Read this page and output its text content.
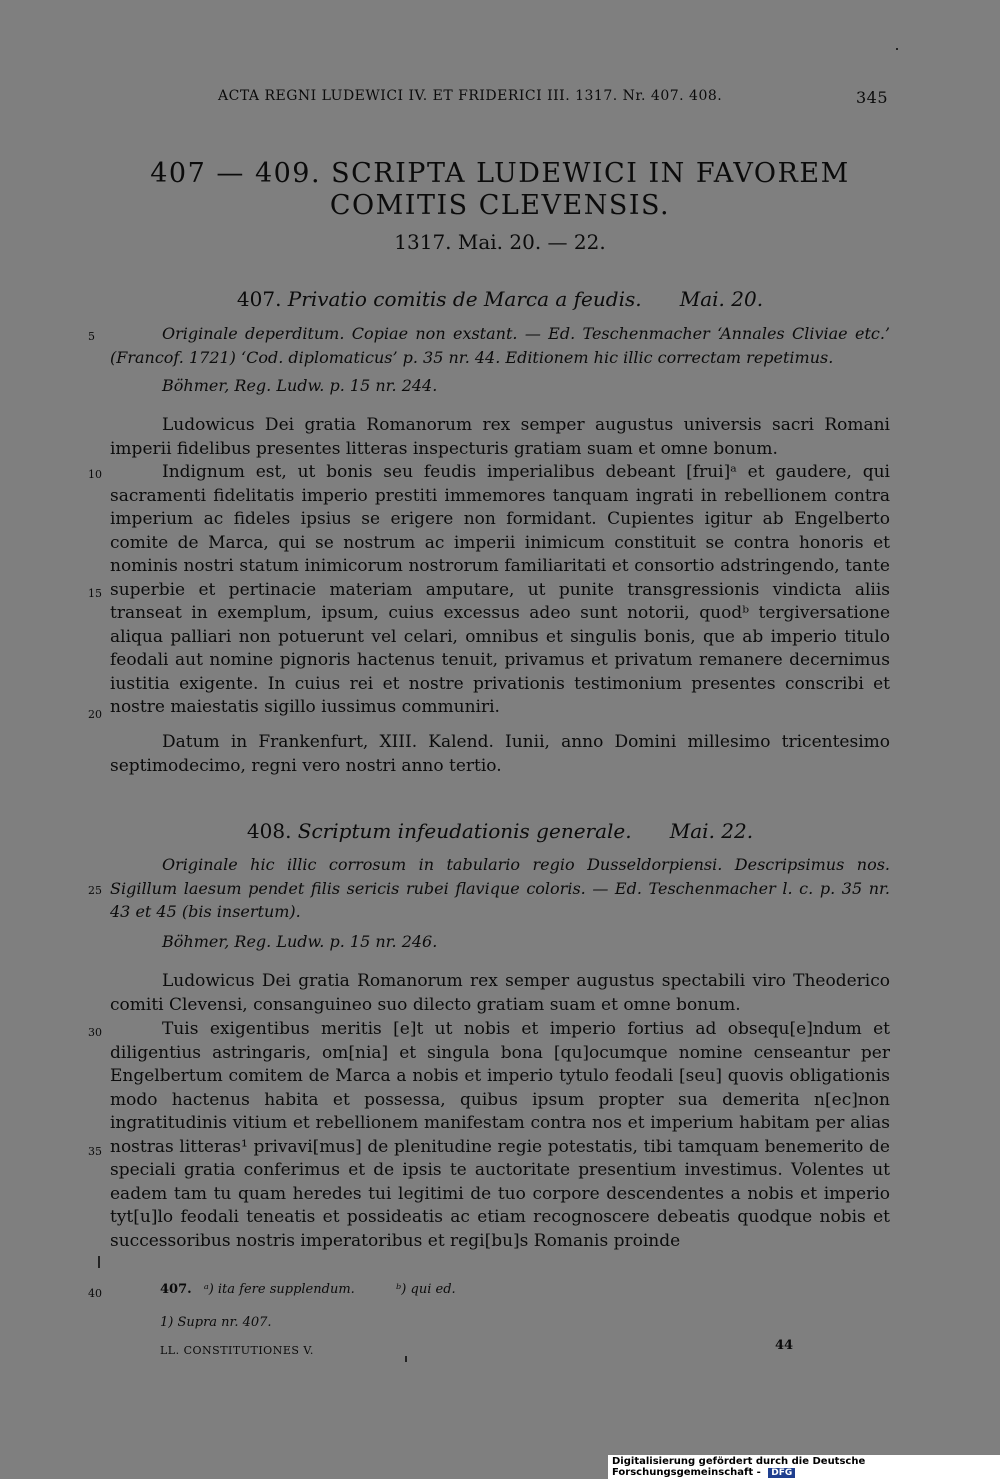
ACTA REGNI LUDEWICI IV. ET FRIDERICI III. 1317. Nr. 407. 408.	345
407 — 409. SCRIPTA LUDEWICI IN FAVOREM
COMITIS CLEVENSIS.
1317. Mai. 20. — 22.
407. Privatio comitis de Marca a feudis. Mai. 20.
Originale deperditum. Copiae non exstant. — Ed. Teschenmacher ‘Annales Cliviae etc.’ (Francof. 1721) ‘Cod. diplomaticus’ p. 35 nr. 44. Editionem hic illic correctam repetimus.
Böhmer, Reg. Ludw. p. 15 nr. 244.
Ludowicus Dei gratia Romanorum rex semper augustus universis sacri Romani imperii fidelibus presentes litteras inspecturis gratiam suam et omne bonum.
Indignum est, ut bonis seu feudis imperialibus debeant [frui]ᵃ et gaudere, qui sacramenti fidelitatis imperio prestiti immemores tanquam ingrati in rebellionem contra imperium ac fideles ipsius se erigere non formidant. Cupientes igitur ab Engelberto comite de Marca, qui se nostrum ac imperii inimicum constituit se contra honoris et nominis nostri statum inimicorum nostrorum familiaritati et consortio adstringendo, tante superbie et pertinacie materiam amputare, ut punite transgressionis vindicta aliis transeat in exemplum, ipsum, cuius excessus adeo sunt notorii, quodᵇ tergiversatione aliqua palliari non potuerunt vel celari, omnibus et singulis bonis, que ab imperio titulo feodali aut nomine pignoris hactenus tenuit, privamus et privatum remanere decernimus iustitia exigente. In cuius rei et nostre privationis testimonium presentes conscribi et nostre maiestatis sigillo iussimus communiri.
Datum in Frankenfurt, XIII. Kalend. Iunii, anno Domini millesimo tricentesimo septimodecimo, regni vero nostri anno tertio.
408. Scriptum infeudationis generale. Mai. 22.
Originale hic illic corrosum in tabulario regio Dusseldorpiensi. Descripsimus nos. Sigillum laesum pendet filis sericis rubei flavique coloris. — Ed. Teschenmacher l. c. p. 35 nr. 43 et 45 (bis insertum).
Böhmer, Reg. Ludw. p. 15 nr. 246.
Ludowicus Dei gratia Romanorum rex semper augustus spectabili viro Theoderico comiti Clevensi, consanguineo suo dilecto gratiam suam et omne bonum.
Tuis exigentibus meritis [e]t ut nobis et imperio fortius ad obsequ[e]ndum et diligentius astringaris, om[nia] et singula bona [qu]ocumque nomine censeantur per Engelbertum comitem de Marca a nobis et imperio tytulo feodali [seu] quovis obligationis modo hactenus habita et possessa, quibus ipsum propter sua demerita n[ec]non ingratitudinis vitium et rebellionem manifestam contra nos et imperium habitam per alias nostras litteras¹ privavi[mus] de plenitudine regie potestatis, tibi tamquam benemerito de speciali gratia conferimus et de ipsis te auctoritate presentium investimus. Volentes ut eadem tam tu quam heredes tui legitimi de tuo corpore descendentes a nobis et imperio tyt[u]lo feodali teneatis et possideatis ac etiam recognoscere debeatis quodque nobis et successoribus nostris imperatoribus et regi[bu]s Romanis proinde
5
10
15
20
25
30
35
40	407. ᵃ) ita fere supplendum.	ᵇ) qui ed.
1) Supra nr. 407.
LL. CONSTITUTIONES V.	44
Digitalisierung gefördert durch die Deutsche Forschungsgemeinschaft - DFG
